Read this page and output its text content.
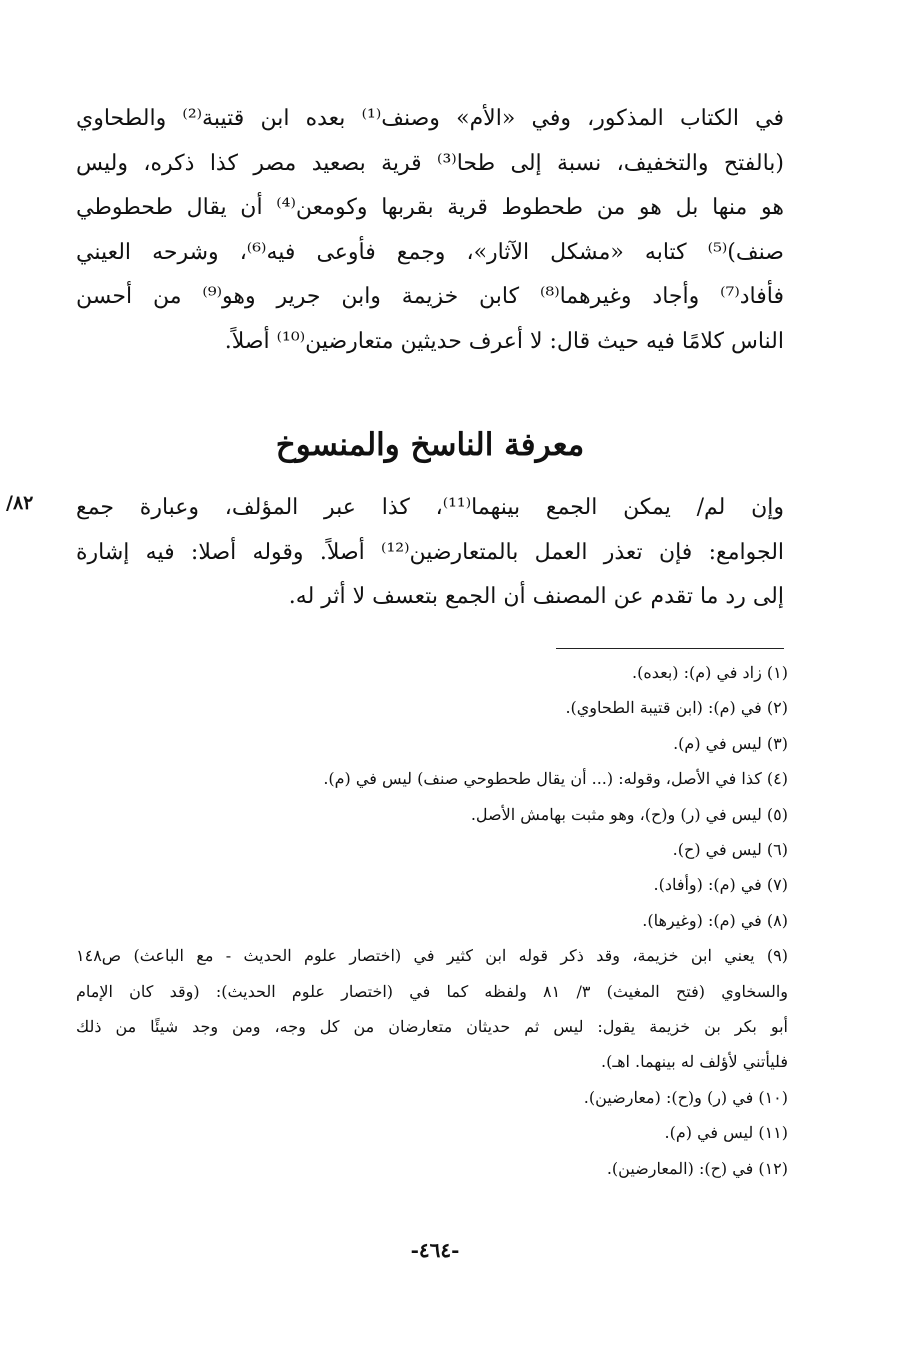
في الكتاب المذكور، وفي «الأم» وصنف⁽¹⁾ بعده ابن قتيبة⁽²⁾ والطحاوي
(بالفتح والتخفيف، نسبة إلى طحا⁽³⁾ قرية بصعيد مصر كذا ذكره، وليس
هو منها بل هو من طحطوط قرية بقربها وكومعن⁽⁴⁾ أن يقال طحطوطي
صنف)⁽⁵⁾ كتابه «مشكل الآثار»، وجمع فأوعى فيه⁽⁶⁾، وشرحه العيني
فأفاد⁽⁷⁾ وأجاد وغيرهما⁽⁸⁾ كابن خزيمة وابن جرير وهو⁽⁹⁾ من أحسن
الناس كلامًا فيه حيث قال: لا أعرف حديثين متعارضين⁽¹⁰⁾ أصلاً.
معرفة الناسخ والمنسوخ
٨٢/ وإن لم/ يمكن الجمع بينهما⁽¹¹⁾، كذا عبر المؤلف، وعبارة جمع
الجوامع: فإن تعذر العمل بالمتعارضين⁽¹²⁾ أصلاً. وقوله أصلا: فيه إشارة
إلى رد ما تقدم عن المصنف أن الجمع بتعسف لا أثر له.
(١) زاد في (م): (بعده).
(٢) في (م): (ابن قتيبة الطحاوي).
(٣) ليس في (م).
(٤) كذا في الأصل، وقوله: (... أن يقال طحطوحي صنف) ليس في (م).
(٥) ليس في (ر) و(ح)، وهو مثبت بهامش الأصل.
(٦) ليس في (ح).
(٧) في (م): (وأفاد).
(٨) في (م): (وغيرها).
(٩) يعني ابن خزيمة، وقد ذكر قوله ابن كثير في (اختصار علوم الحديث - مع الباعث) ص١٤٨
والسخاوي (فتح المغيث) ٣/ ٨١ ولفظه كما في (اختصار علوم الحديث): (وقد كان الإمام
أبو بكر بن خزيمة يقول: ليس ثم حديثان متعارضان من كل وجه، ومن وجد شيئًا من ذلك
فليأتني لأؤلف له بينهما. اهـ).
(١٠) في (ر) و(ح): (معارضين).
(١١) ليس في (م).
(١٢) في (ح): (المعارضين).
-٤٦٤-
